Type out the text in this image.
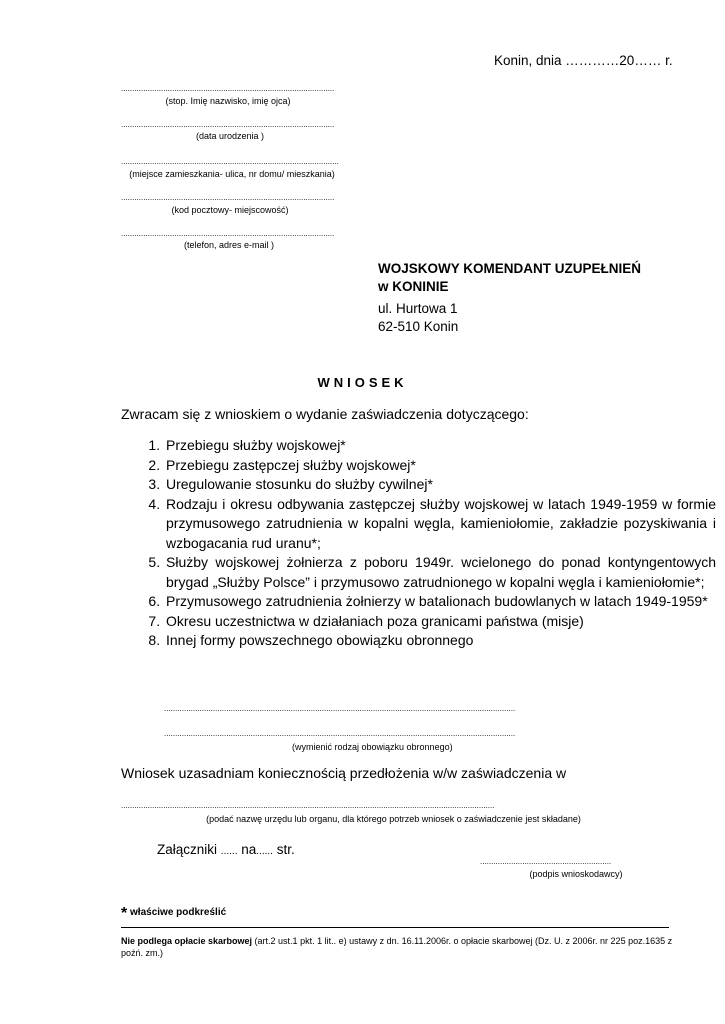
Konin, dnia …………20…… r.
................................................................................................
(stop. Imię nazwisko, imię ojca)
................................................................................................
(data urodzenia )
..................................................................................................
(miejsce zamieszkania- ulica, nr domu/ mieszkania)
................................................................................................
(kod pocztowy- miejscowość)
................................................................................................
(telefon, adres e-mail )
WOJSKOWY KOMENDANT UZUPEŁNIEŃ
w KONINIE
ul. Hurtowa 1
62-510 Konin
WNIOSEK
Zwracam się z wnioskiem o wydanie zaświadczenia dotyczącego:
1. Przebiegu służby wojskowej*
2. Przebiegu zastępczej służby wojskowej*
3. Uregulowanie stosunku do służby cywilnej*
4. Rodzaju i okresu odbywania zastępczej służby wojskowej w latach 1949-1959 w formie przymusowego zatrudnienia w kopalni węgla, kamieniołomie, zakładzie pozyskiwania i wzbogacania rud uranu*;
5. Służby wojskowej żołnierza z poboru 1949r. wcielonego do ponad kontyngentowych brygad „Służby Polsce” i przymusowo zatrudnionego w kopalni węgla i kamieniołomie*;
6. Przymusowego zatrudnienia żołnierzy w batalionach budowlanych w latach 1949-1959*
7. Okresu uczestnictwa w działaniach poza granicami państwa (misje)
8. Innej formy powszechnego obowiązku obronnego
..............................................................................................................................................................
..............................................................................................................................................................
(wymienić rodzaj obowiązku obronnego)
Wniosek uzasadniam koniecznością przedłożenia w/w zaświadczenia w
........................................................................................................................................................................
(podać nazwę urzędu lub organu, dla którego potrzeb wniosek o zaświadczenie jest składane)
Załączniki ...... na...... str.
...........................................................
(podpis wnioskodawcy)
* właściwe podkreślić
Nie podlega opłacie skarbowej (art.2 ust.1 pkt. 1 lit.. e) ustawy z dn. 16.11.2006r. o opłacie skarbowej (Dz. U. z 2006r. nr 225 poz.1635 z poźń. zm.)
